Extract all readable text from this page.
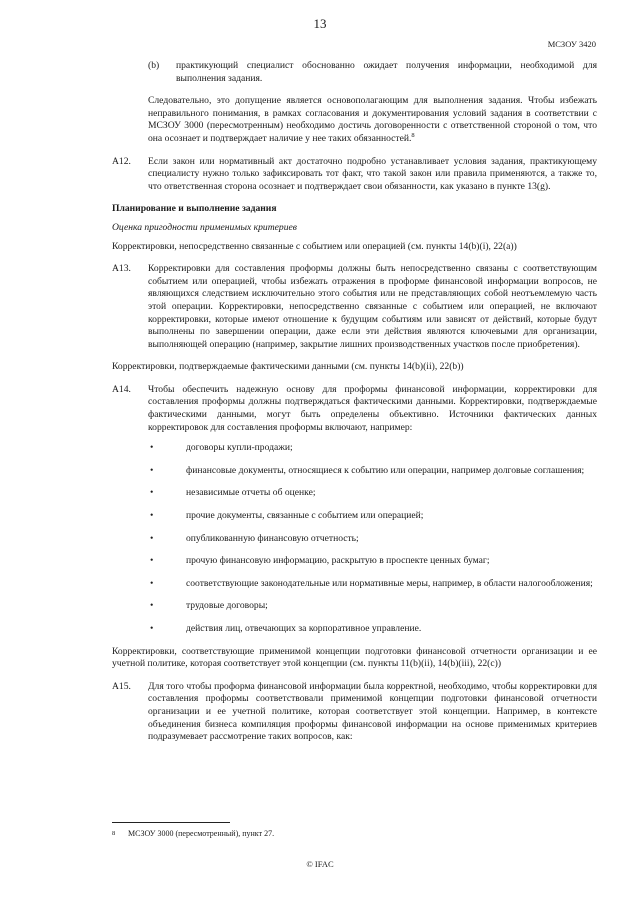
13
МСЗОУ 3420
(b)	практикующий специалист обоснованно ожидает получения информации, необходимой для выполнения задания.
Следовательно, это допущение является основополагающим для выполнения задания. Чтобы избежать неправильного понимания, в рамках согласования и документирования условий задания в соответствии с МСЗОУ 3000 (пересмотренным) необходимо достичь договоренности с ответственной стороной о том, что она осознает и подтверждает наличие у нее таких обязанностей.$^8$
A12.	Если закон или нормативный акт достаточно подробно устанавливает условия задания, практикующему специалисту нужно только зафиксировать тот факт, что такой закон или правила применяются, а также то, что ответственная сторона осознает и подтверждает свои обязанности, как указано в пункте 13(g).
Планирование и выполнение задания
Оценка пригодности применимых критериев
Корректировки, непосредственно связанные с событием или операцией (см. пункты 14(b)(i), 22(a))
A13.	Корректировки для составления проформы должны быть непосредственно связаны с соответствующим событием или операцией, чтобы избежать отражения в проформе финансовой информации вопросов, не являющихся следствием исключительно этого события или не представляющих собой неотъемлемую часть этой операции. Корректировки, непосредственно связанные с событием или операцией, не включают корректировки, которые имеют отношение к будущим событиям или зависят от действий, которые будут выполнены по завершении операции, даже если эти действия являются ключевыми для организации, выполняющей операцию (например, закрытие лишних производственных участков после приобретения).
Корректировки, подтверждаемые фактическими данными (см. пункты 14(b)(ii), 22(b))
A14.	Чтобы обеспечить надежную основу для проформы финансовой информации, корректировки для составления проформы должны подтверждаться фактическими данными. Корректировки, подтверждаемые фактическими данными, могут быть определены объективно. Источники фактических данных корректировок для составления проформы включают, например:
•	договоры купли-продажи;
•	финансовые документы, относящиеся к событию или операции, например долговые соглашения;
•	независимые отчеты об оценке;
•	прочие документы, связанные с событием или операцией;
•	опубликованную финансовую отчетность;
•	прочую финансовую информацию, раскрытую в проспекте ценных бумаг;
•	соответствующие законодательные или нормативные меры, например, в области налогообложения;
•	трудовые договоры;
•	действия лиц, отвечающих за корпоративное управление.
Корректировки, соответствующие применимой концепции подготовки финансовой отчетности организации и ее учетной политике, которая соответствует этой концепции (см. пункты 11(b)(ii), 14(b)(iii), 22(c))
A15.	Для того чтобы проформа финансовой информации была корректной, необходимо, чтобы корректировки для составления проформы соответствовали применимой концепции подготовки финансовой отчетности организации и ее учетной политике, которая соответствует этой концепции. Например, в контексте объединения бизнеса компиляция проформы финансовой информации на основе применимых критериев подразумевает рассмотрение таких вопросов, как:
8	МСЗОУ 3000 (пересмотренный), пункт 27.
© IFAC
